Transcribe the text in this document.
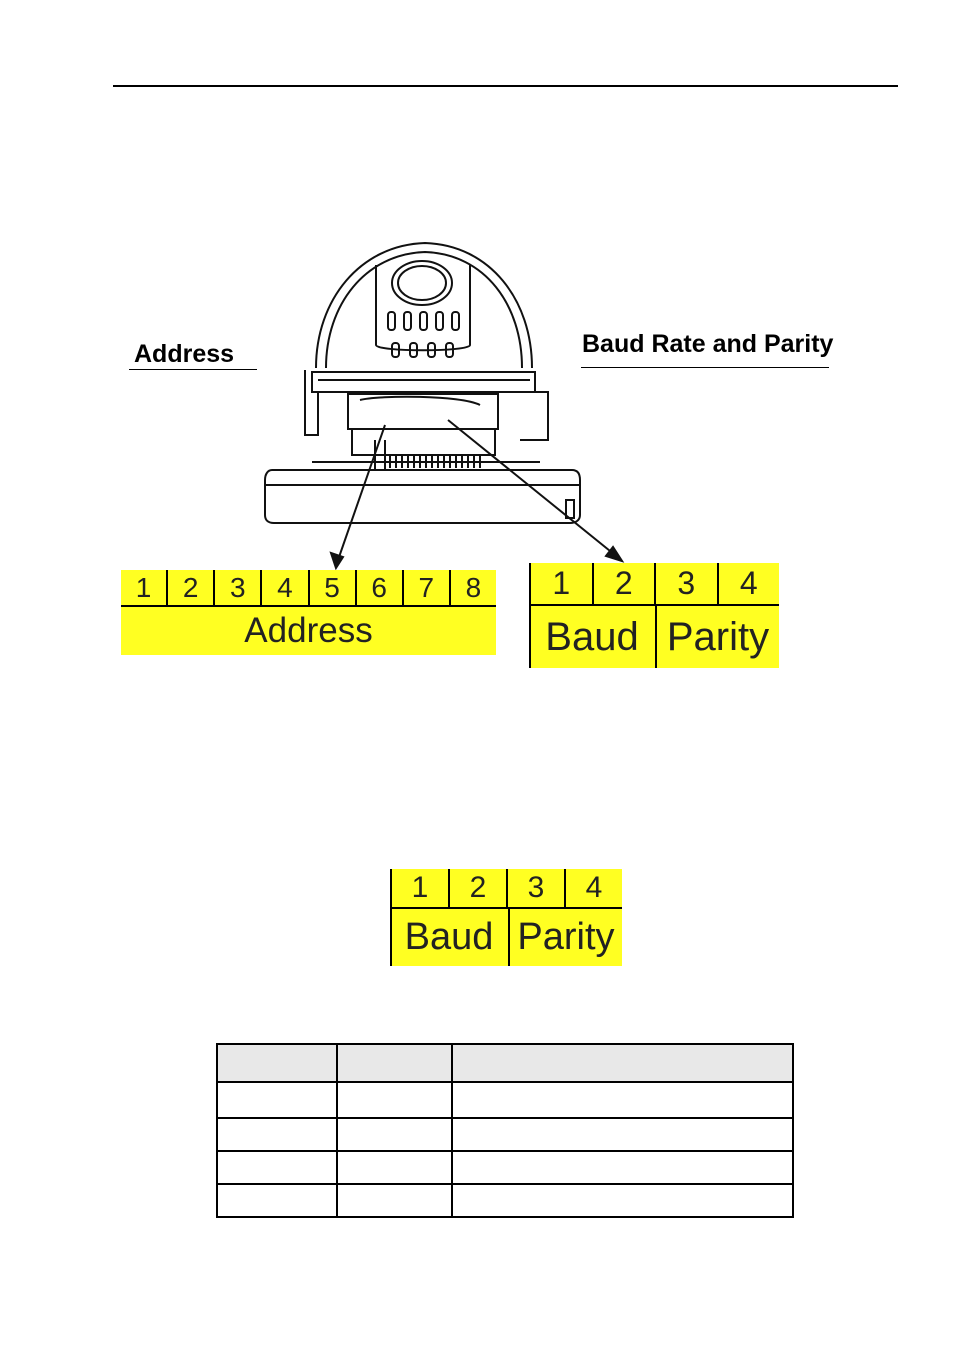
Address	Baud Rate and Parity
1	2	3	4	5	6	7	8
Address
1	2	3	4
Baud Parity
1	2	3	4
Baud Parity
